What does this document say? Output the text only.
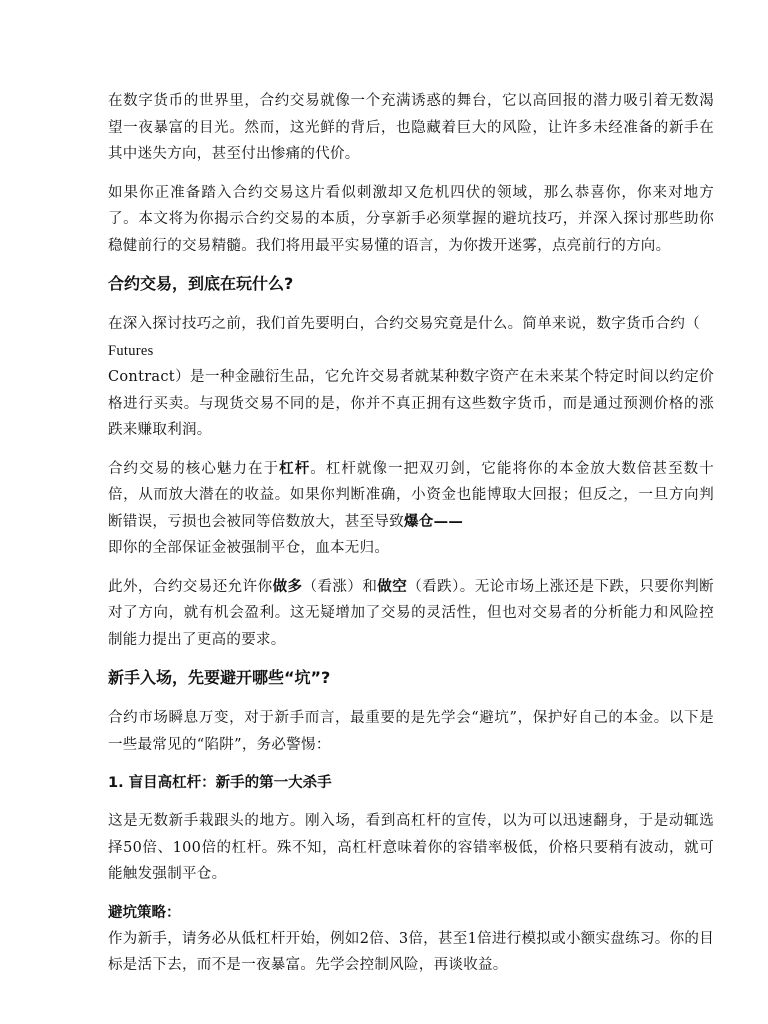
在数字货币的世界里，合约交易就像一个充满诱惑的舞台，它以高回报的潜力吸引着无数渴望一夜暴富的目光。然而，这光鲜的背后，也隐藏着巨大的风险，让许多未经准备的新手在其中迷失方向，甚至付出惨痛的代价。

如果你正准备踏入合约交易这片看似刺激却又危机四伏的领域，那么恭喜你，你来对地方了。本文将为你揭示合约交易的本质，分享新手必须掌握的避坑技巧，并深入探讨那些助你稳健前行的交易精髓。我们将用最平实易懂的语言，为你拨开迷雾，点亮前行的方向。

合约交易，到底在玩什么?

在深入探讨技巧之前，我们首先要明白，合约交易究竟是什么。简单来说，数字货币合约（
Futures
Contract）是一种金融衍生品，它允许交易者就某种数字资产在未来某个特定时间以约定价格进行买卖。与现货交易不同的是，你并不真正拥有这些数字货币，而是通过预测价格的涨跌来赚取利润。

合约交易的核心魅力在于杠杆。杠杆就像一把双刃剑，它能将你的本金放大数倍甚至数十倍，从而放大潜在的收益。如果你判断准确，小资金也能博取大回报；但反之，一旦方向判断错误，亏损也会被同等倍数放大，甚至导致爆仓——
即你的全部保证金被强制平仓，血本无归。

此外，合约交易还允许你做多（看涨）和做空（看跌）。无论市场上涨还是下跌，只要你判断对了方向，就有机会盈利。这无疑增加了交易的灵活性，但也对交易者的分析能力和风险控制能力提出了更高的要求。

新手入场，先要避开哪些“坑”?

合约市场瞬息万变，对于新手而言，最重要的是先学会“避坑”，保护好自己的本金。以下是一些最常见的“陷阱”，务必警惕：

1. 盲目高杠杆：新手的第一大杀手

这是无数新手栽跟头的地方。刚入场，看到高杠杆的宣传，以为可以迅速翻身，于是动辄选择50倍、100倍的杠杆。殊不知，高杠杆意味着你的容错率极低，价格只要稍有波动，就可能触发强制平仓。

避坑策略：

作为新手，请务必从低杠杆开始，例如2倍、3倍，甚至1倍进行模拟或小额实盘练习。你的目标是活下去，而不是一夜暴富。先学会控制风险，再谈收益。
